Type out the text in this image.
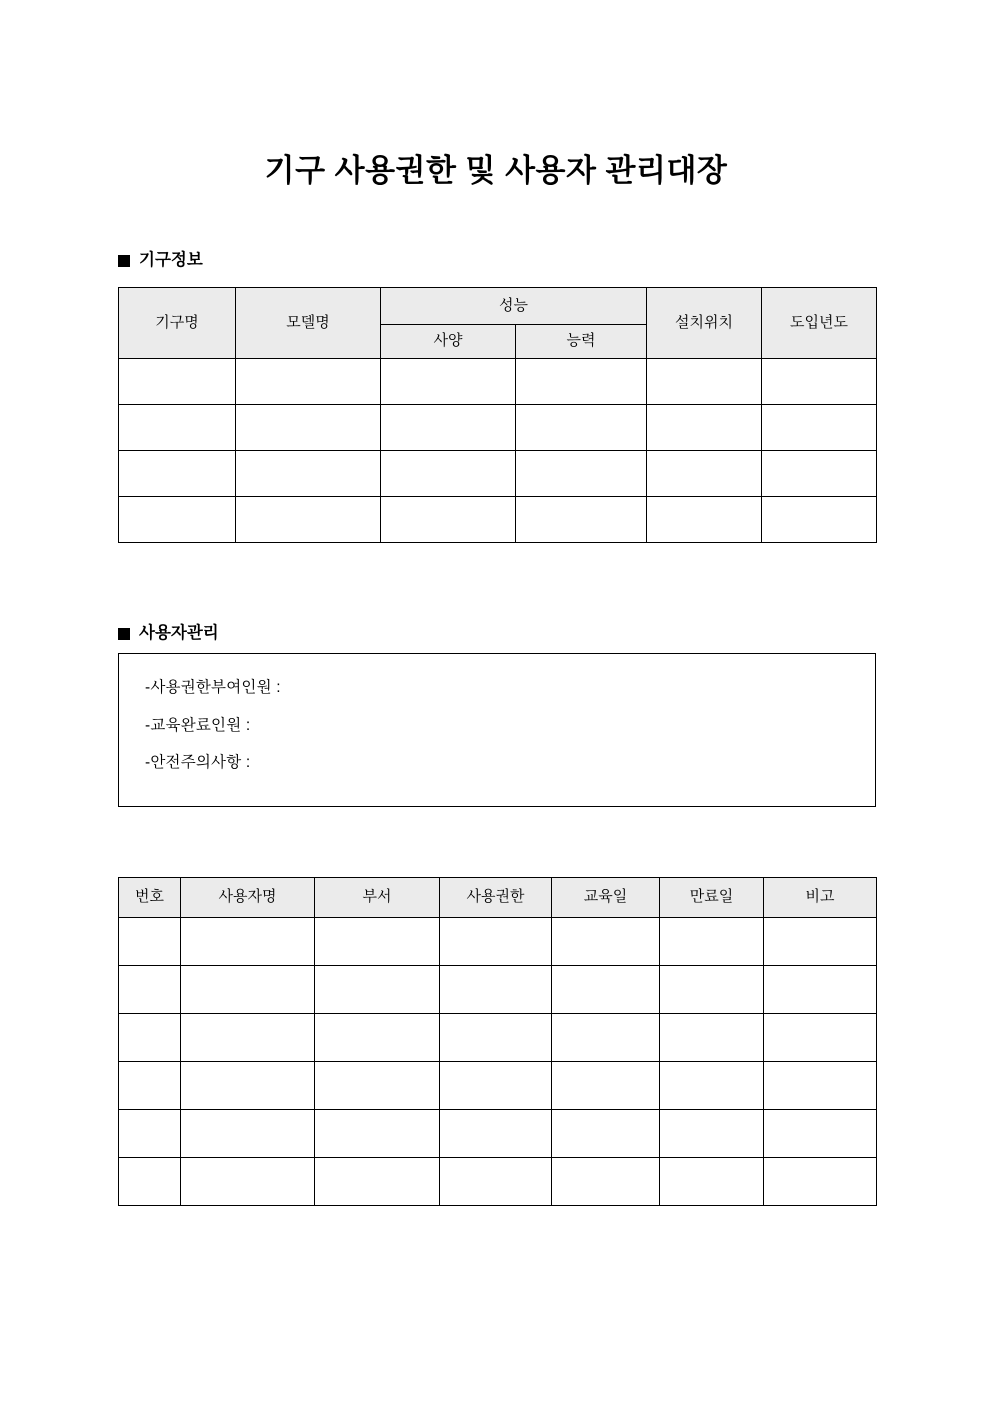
기구 사용권한 및 사용자 관리대장
기구정보
기구명	모델명	성능		설치위치	도입년도
		사양	능력		

사용자관리
-사용권한부여인원 :
-교육완료인원 :
-안전주의사항 :
번호	사용자명	부서	사용권한	교육일	만료일	비고
